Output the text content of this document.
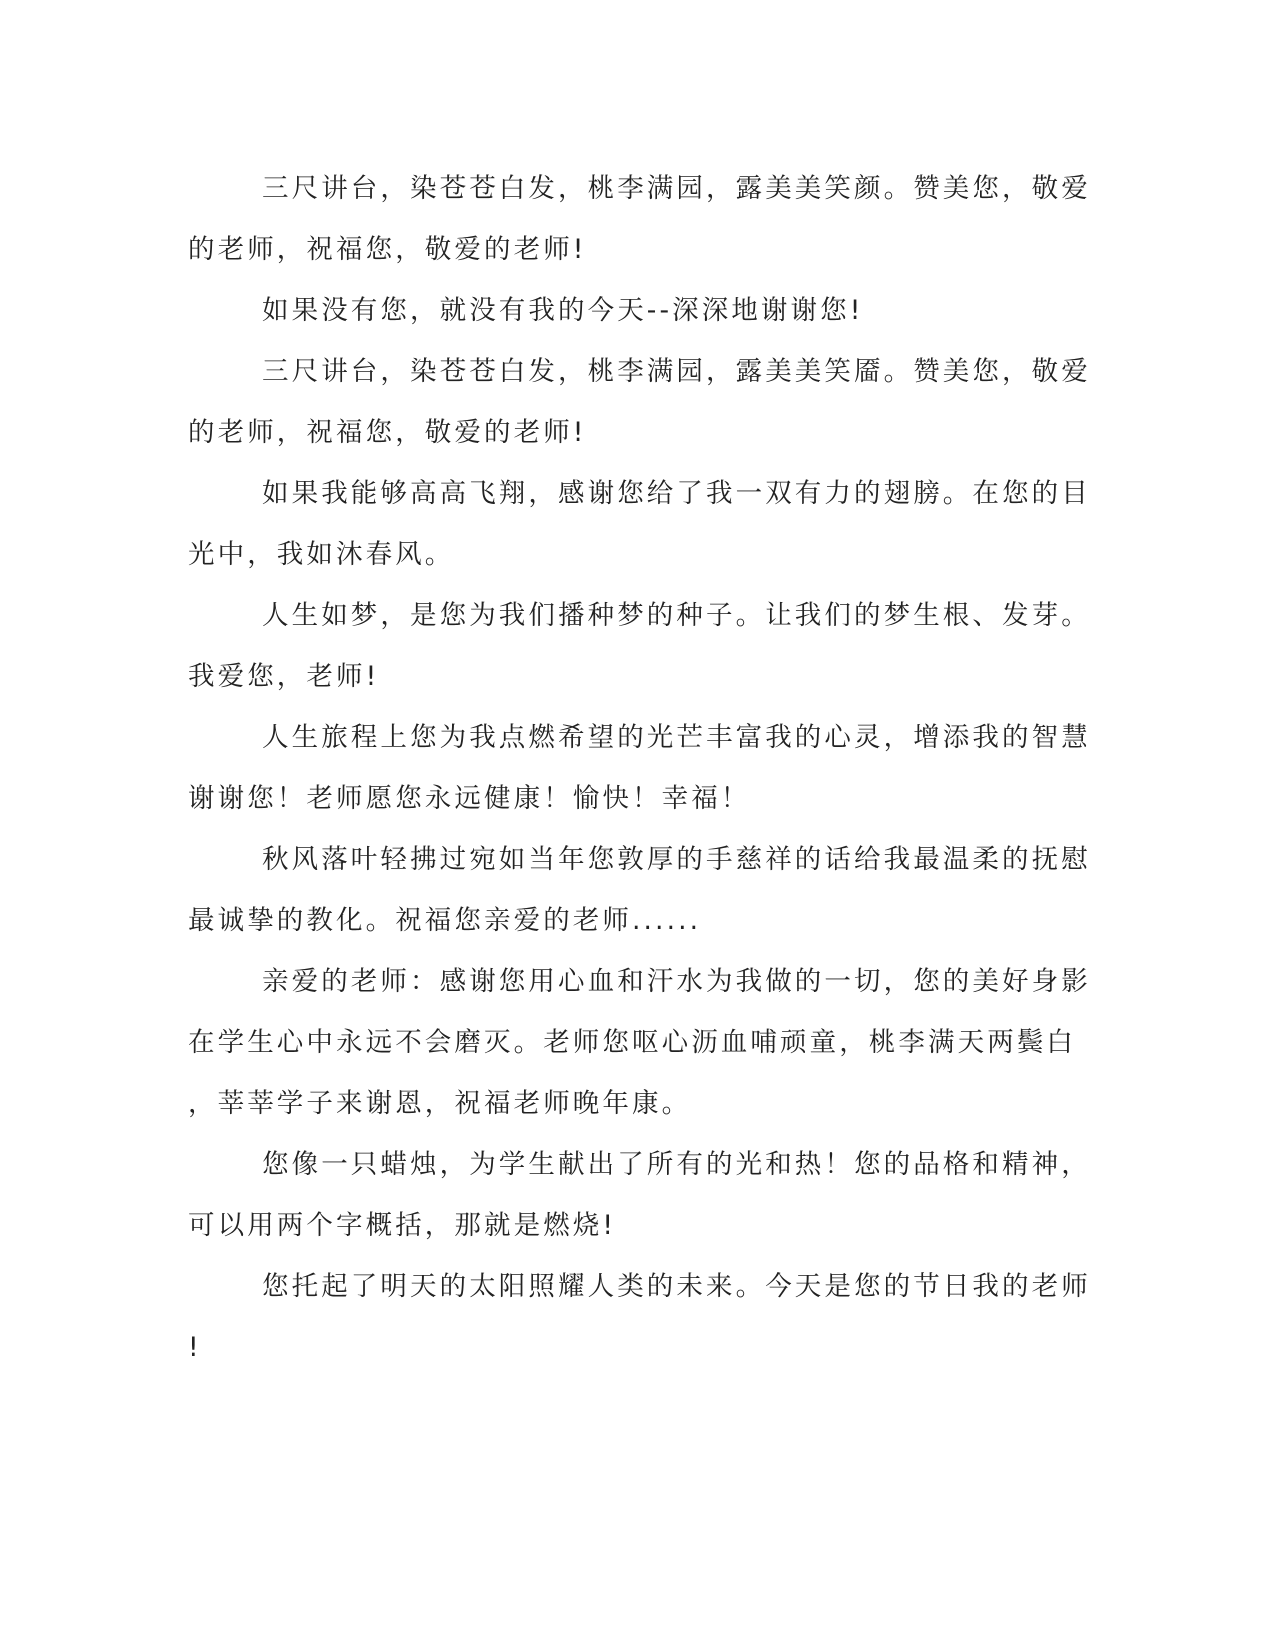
三尺讲台，染苍苍白发，桃李满园，露美美笑颜。赞美您，敬爱
的老师，祝福您，敬爱的老师!
如果没有您，就没有我的今天--深深地谢谢您!
三尺讲台，染苍苍白发，桃李满园，露美美笑靥。赞美您，敬爱
的老师，祝福您，敬爱的老师!
如果我能够高高飞翔，感谢您给了我一双有力的翅膀。在您的目
光中，我如沐春风。
人生如梦，是您为我们播种梦的种子。让我们的梦生根、发芽。
我爱您，老师!
人生旅程上您为我点燃希望的光芒丰富我的心灵，增添我的智慧
谢谢您！老师愿您永远健康！愉快！幸福！
秋风落叶轻拂过宛如当年您敦厚的手慈祥的话给我最温柔的抚慰
最诚挚的教化。祝福您亲爱的老师......
亲爱的老师：感谢您用心血和汗水为我做的一切，您的美好身影
在学生心中永远不会磨灭。老师您呕心沥血哺顽童，桃李满天两鬓白
，莘莘学子来谢恩，祝福老师晚年康。
您像一只蜡烛，为学生献出了所有的光和热！您的品格和精神，
可以用两个字概括，那就是燃烧!
您托起了明天的太阳照耀人类的未来。今天是您的节日我的老师
!
